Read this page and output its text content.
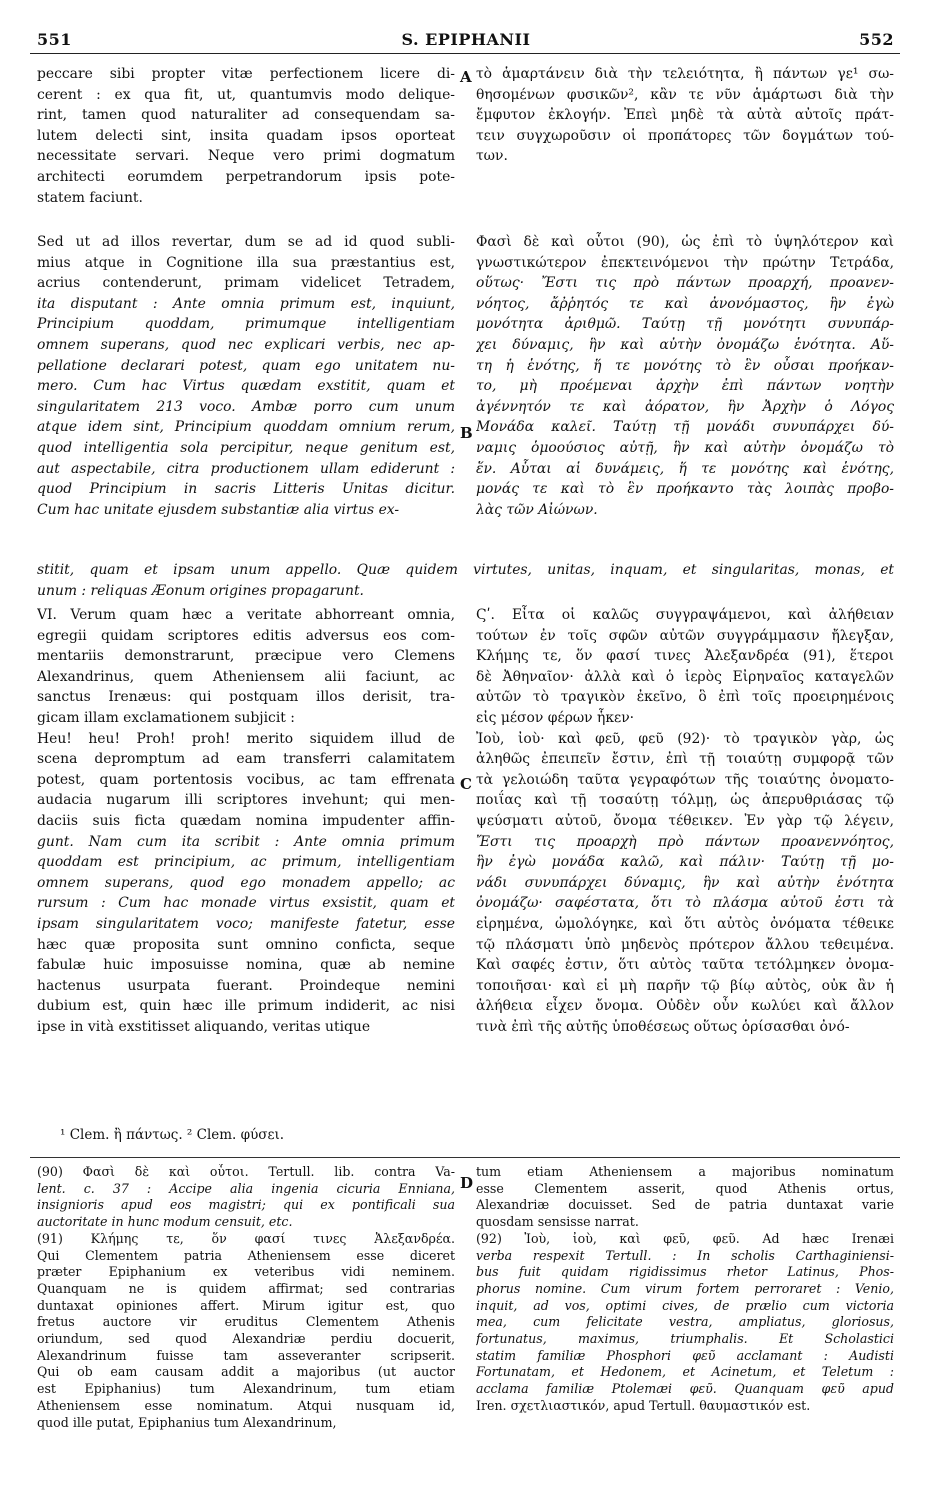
551	S. EPIPHANII	552
A
B
C
D
peccare sibi propter vitæ perfectionem licere di-
cerent : ex qua fit, ut, quantumvis modo delique-
rint, tamen quod naturaliter ad consequendam sa-
lutem delecti sint, insita quadam ipsos oporteat
necessitate servari. Neque vero primi dogmatum
architecti eorumdem perpetrandorum ipsis pote-
statem faciunt.
τὸ ἁμαρτάνειν διὰ τὴν τελειότητα, ἢ πάντων γε¹ σω-
θησομένων φυσικῶν², κἂν τε νῦν ἁμάρτωσι διὰ τὴν
ἔμφυτον ἐκλογήν. Ἐπεὶ μηδὲ τὰ αὐτὰ αὐτοῖς πράτ-
τειν συγχωροῦσιν οἱ προπάτορες τῶν δογμάτων τού-
των.
Sed ut ad illos revertar, dum se ad id quod subli-
mius atque in Cognitione illa sua præstantius est,
acrius contenderunt, primam videlicet Tetradem,
ita disputant : Ante omnia primum est, inquiunt,
Principium quoddam, primumque intelligentiam
omnem superans, quod nec explicari verbis, nec ap-
pellatione declarari potest, quam ego unitatem nu-
mero. Cum hac Virtus quædam exstitit, quam et
singularitatem 213 voco. Ambæ porro cum unum
atque idem sint, Principium quoddam omnium rerum,
quod intelligentia sola percipitur, neque genitum est,
aut aspectabile, citra productionem ullam ediderunt :
quod Principium in sacris Litteris Unitas dicitur.
Cum hac unitate ejusdem substantiæ alia virtus ex-
Φασὶ δὲ καὶ οὗτοι (90), ὡς ἐπὶ τὸ ὑψηλότερον καὶ
γνωστικώτερον ἐπεκτεινόμενοι τὴν πρώτην Τετράδα,
οὕτως· Ἔστι τις πρὸ πάντων προαρχή, προανεν-
νόητος, ἄῤῥητός τε καὶ ἀνονόμαστος, ἣν ἐγὼ
μονότητα ἀριθμῶ. Ταύτῃ τῇ μονότητι συνυπάρ-
χει δύναμις, ἣν καὶ αὐτὴν ὀνομάζω ἑνότητα. Αὕ-
τη ἡ ἑνότης, ἥ τε μονότης τὸ ἓν οὖσαι προήκαν-
το, μὴ προέμεναι ἀρχὴν ἐπὶ πάντων νοητὴν
ἀγέννητόν τε καὶ ἀόρατον, ἣν Ἀρχὴν ὁ Λόγος
Μονάδα καλεῖ. Ταύτῃ τῇ μονάδι συνυπάρχει δύ-
ναμις ὁμοούσιος αὐτῇ, ἣν καὶ αὐτὴν ὀνομάζω τὸ
ἕν. Αὗται αἱ δυνάμεις, ἥ τε μονότης καὶ ἑνότης,
μονάς τε καὶ τὸ ἓν προήκαντο τὰς λοιπὰς προβο-
λὰς τῶν Αἰώνων.
stitit, quam et ipsam unum appello. Quæ quidem virtutes, unitas, inquam, et singularitas, monas, et
unum : reliquas Æonum origines propagarunt.
VI. Verum quam hæc a veritate abhorreant omnia,
egregii quidam scriptores editis adversus eos com-
mentariis demonstrarunt, præcipue vero Clemens
Alexandrinus, quem Atheniensem alii faciunt, ac
sanctus Irenæus: qui postquam illos derisit, tra-
gicam illam exclamationem subjicit :
Heu! heu! Proh! proh! merito siquidem illud de
scena depromptum ad eam transferri calamitatem
potest, quam portentosis vocibus, ac tam effrenata
audacia nugarum illi scriptores invehunt; qui men-
daciis suis ficta quædam nomina impudenter affin-
gunt. Nam cum ita scribit : Ante omnia primum
quoddam est principium, ac primum, intelligentiam
omnem superans, quod ego monadem appello; ac
rursum : Cum hac monade virtus exsistit, quam et
ipsam singularitatem voco; manifeste fatetur, esse
hæc quæ proposita sunt omnino conficta, seque
fabulæ huic imposuisse nomina, quæ ab nemine
hactenus usurpata fuerant. Proindeque nemini
dubium est, quin hæc ille primum indiderit, ac nisi
ipse in vità exstitisset aliquando, veritas utique
Ϛʹ. Εἶτα οἱ καλῶς συγγραψάμενοι, καὶ ἀλήθειαν
τούτων ἐν τοῖς σφῶν αὐτῶν συγγράμμασιν ἤλεγξαν,
Κλήμης τε, ὅν φασί τινες Ἀλεξανδρέα (91), ἕτεροι
δὲ Ἀθηναῖον· ἀλλὰ καὶ ὁ ἱερὸς Εἰρηναῖος καταγελῶν
αὐτῶν τὸ τραγικὸν ἐκεῖνο, ὃ ἐπὶ τοῖς προειρημένοις
εἰς μέσον φέρων ἧκεν·
Ἰοὺ, ἰοὺ· καὶ φεῦ, φεῦ (92)· τὸ τραγικὸν γὰρ, ὡς
ἀληθῶς ἐπειπεῖν ἔστιν, ἐπὶ τῇ τοιαύτῃ συμφορᾷ τῶν
τὰ γελοιώδη ταῦτα γεγραφότων τῆς τοιαύτης ὀνοματο-
ποιΐας καὶ τῇ τοσαύτῃ τόλμῃ, ὡς ἀπερυθριάσας τῷ
ψεύσματι αὐτοῦ, ὄνομα τέθεικεν. Ἐν γὰρ τῷ λέγειν,
Ἔστι τις προαρχὴ πρὸ πάντων προανεννόητος,
ἣν ἐγὼ μονάδα καλῶ, καὶ πάλιν· Ταύτῃ τῇ μο-
νάδι συνυπάρχει δύναμις, ἣν καὶ αὐτὴν ἑνότητα
ὀνομάζω· σαφέστατα, ὅτι τὸ πλάσμα αὐτοῦ ἐστι τὰ
εἰρημένα, ὡμολόγηκε, καὶ ὅτι αὐτὸς ὀνόματα τέθεικε
τῷ πλάσματι ὑπὸ μηδενὸς πρότερον ἄλλου τεθειμένα.
Καὶ σαφές ἐστιν, ὅτι αὐτὸς ταῦτα τετόλμηκεν ὀνομα-
τοποιῆσαι· καὶ εἰ μὴ παρῆν τῷ βίῳ αὐτὸς, οὐκ ἂν ἡ
ἀλήθεια εἶχεν ὄνομα. Οὐδὲν οὖν κωλύει καὶ ἄλλον
τινὰ ἐπὶ τῆς αὐτῆς ὑποθέσεως οὕτως ὁρίσασθαι ὀνό-
¹ Clem. ἢ πάντως. ² Clem. φύσει.
(90) Φασὶ δὲ καὶ οὗτοι. Tertull. lib. contra Va-
lent. c. 37 : Accipe alia ingenia cicuria Enniana,
insignioris apud eos magistri; qui ex pontificali sua
auctoritate in hunc modum censuit, etc.
(91) Κλήμης τε, ὅν φασί τινες Ἀλεξανδρέα.
Qui Clementem patria Atheniensem esse diceret
præter Epiphanium ex veteribus vidi neminem.
Quanquam ne is quidem affirmat; sed contrarias
duntaxat opiniones affert. Mirum igitur est, quo
fretus auctore vir eruditus Clementem Athenis
oriundum, sed quod Alexandriæ perdiu docuerit,
Alexandrinum fuisse tam asseveranter scripserit.
Qui ob eam causam addit a majoribus (ut auctor
est Epiphanius) tum Alexandrinum, tum etiam
Atheniensem esse nominatum. Atqui nusquam id,
quod ille putat, Epiphanius tum Alexandrinum,
tum etiam Atheniensem a majoribus nominatum
esse Clementem asserit, quod Athenis ortus,
Alexandriæ docuisset. Sed de patria duntaxat varie
quosdam sensisse narrat.
(92) Ἰοὺ, ἰοὺ, καὶ φεῦ, φεῦ. Ad hæc Irenæi
verba respexit Tertull. : In scholis Carthaginiensi-
bus fuit quidam rigidissimus rhetor Latinus, Phos-
phorus nomine. Cum virum fortem perroraret : Venio,
inquit, ad vos, optimi cives, de prælio cum victoria
mea, cum felicitate vestra, ampliatus, gloriosus,
fortunatus, maximus, triumphalis. Et Scholastici
statim familiæ Phosphori φεῦ acclamant : Audisti
Fortunatam, et Hedonem, et Acinetum, et Teletum :
acclama familiæ Ptolemæi φεῦ. Quanquam φεῦ apud
Iren. σχετλιαστικόν, apud Tertull. θαυμαστικόν est.
